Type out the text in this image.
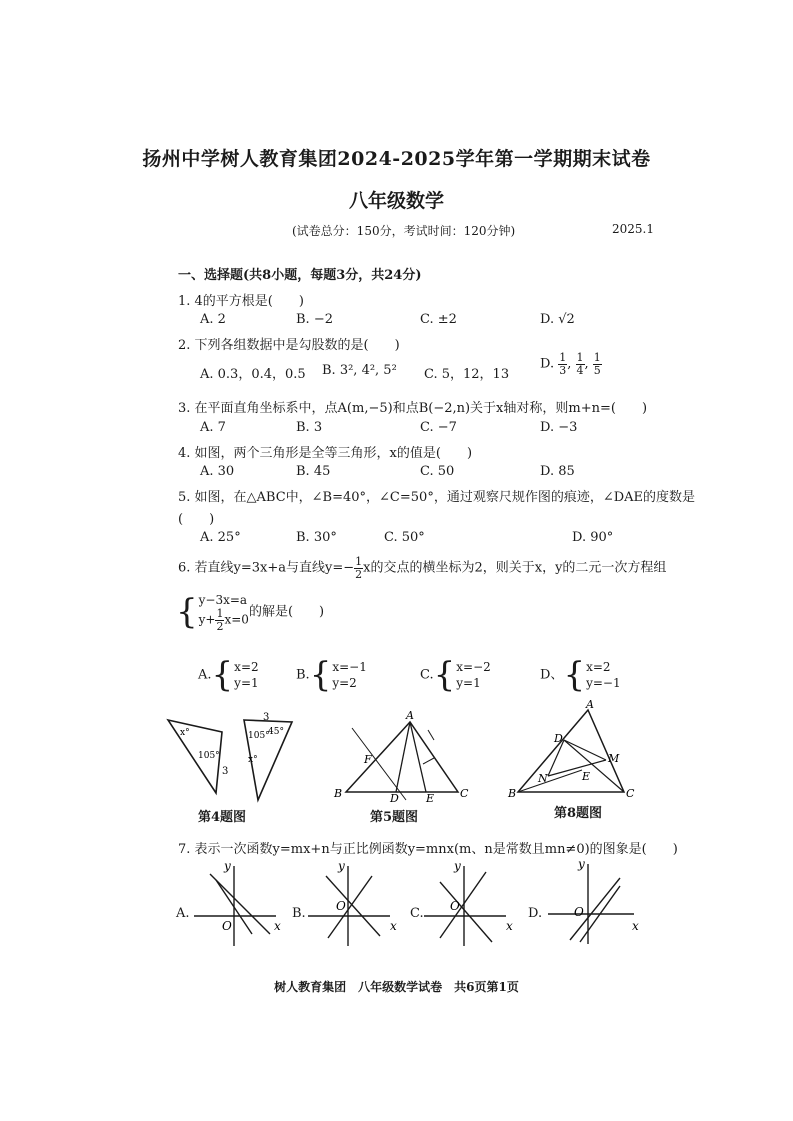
扬州中学树人教育集团2024-2025学年第一学期期末试卷
八年级数学
(试卷总分：150分，考试时间：120分钟)	2025.1
一、选择题(共8小题，每题3分，共24分)
1. 4的平方根是(　　)
A. 2	B. −2	C. ±2	D. √2
2. 下列各组数据中是勾股数的是(　　)
A. 0.3，0.4，0.5 B. 3², 4², 5² C. 5，12，13
D. $\frac{1}{3}$ , $\frac{1}{4}$ , $\frac{1}{5}$
3. 在平面直角坐标系中，点A(m,−5)和点B(−2,n)关于x轴对称，则m+n=(　　)
A. 7	B. 3	C. −7	D. −3
4. 如图，两个三角形是全等三角形，x的值是(　　)
A. 30	B. 45	C. 50	D. 85
5. 如图，在△ABC中，∠B=40°，∠C=50°，通过观察尺规作图的痕迹，∠DAE的度数是
(　　)
A. 25°	B. 30°	C. 50°	D. 90°
6. 若直线y=3x+a与直线$y=- \frac{1}{2}$ x的交点的横坐标为2，则关于x，y的二元一次方程组
{ y−3x=a
$y+ \frac{1}{2} x=0$
的解是(　　)
A.{ x=2
y=1
B.{ x=−1
y=2
C.{ x=−2
y=1
D、{ x=2
y=−1
x°
105°
3
3
105°
45°
x°
第4题图
A
B	C
D E
F
第5题图
A
B	C
D
E
M
N
第8题图
7. 表示一次函数y=mx+n与正比例函数y=mnx(m、n是常数且mn≠0)的图象是(　　)
A.
x
y
O
B.
x
y
O	C.
x
y
O	D.
x
y
O
树人教育集团　八年级数学试卷　共6页第1页
